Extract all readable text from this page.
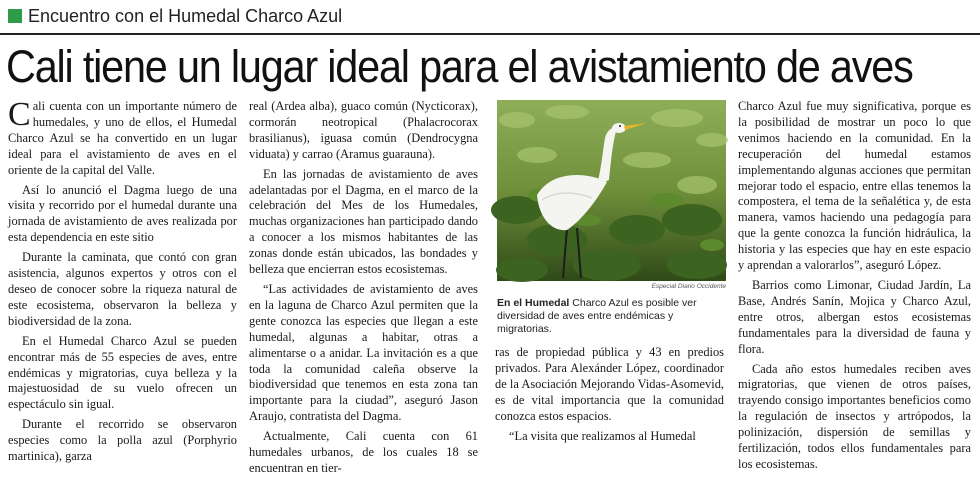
Encuentro con el Humedal Charco Azul
Cali tiene un lugar ideal para el avistamiento de aves

Cali cuenta con un importante número de humedales, y uno de ellos, el Humedal Charco Azul se ha convertido en un lugar ideal para el avistamiento de aves en el oriente de la capital del Valle.

Así lo anunció el Dagma luego de una visita y recorrido por el humedal durante una jornada de avistamiento de aves realizada por esta dependencia en este sitio

Durante la caminata, que contó con gran asistencia, algunos expertos y otros con el deseo de conocer sobre la riqueza natural de este ecosistema, observaron la belleza y biodiversidad de la zona.

En el Humedal Charco Azul se pueden encontrar más de 55 especies de aves, entre endémicas y migratorias, cuya belleza y la majestuosidad de su vuelo ofrecen un espectáculo sin igual.

Durante el recorrido se observaron especies como la polla azul (Porphyrio martinica), garza

real (Ardea alba), guaco común (Nycticorax), cormorán neotropical (Phalacrocorax brasilianus), iguasa común (Dendrocygna viduata) y carrao (Aramus guarauna).

En las jornadas de avistamiento de aves adelantadas por el Dagma, en el marco de la celebración del Mes de los Humedales, muchas organizaciones han participado dando a conocer a los mismos habitantes de las zonas donde están ubicados, las bondades y belleza que encierran estos ecosistemas.

“Las actividades de avistamiento de aves en la laguna de Charco Azul permiten que la gente conozca las especies que llegan a este humedal, algunas a habitar, otras a alimentarse o a anidar. La invitación es a que toda la comunidad caleña observe la biodiversidad que tenemos en esta zona tan importante para la ciudad”, aseguró Jason Araujo, contratista del Dagma.

Actualmente, Cali cuenta con 61 humedales urbanos, de los cuales 18 se encuentran en tier-

Especial Diario Occidente
En el Humedal Charco Azul es posible ver diversidad de aves entre endémicas y migratorias.

ras de propiedad pública y 43 en predios privados. Para Alexánder López, coordinador de la Asociación Mejorando Vidas-Asomevid, es de vital importancia que la comunidad conozca estos espacios.

“La visita que realizamos al Humedal

Charco Azul fue muy significativa, porque es la posibilidad de mostrar un poco lo que venimos haciendo en la comunidad. En la recuperación del humedal estamos implementando algunas acciones que permitan mejorar todo el espacio, entre ellas tenemos la compostera, el tema de la señalética y, de esta manera, vamos haciendo una pedagogía para que la gente conozca la función hidráulica, la historia y las especies que hay en este espacio y aprendan a valorarlos”, aseguró López.

Barrios como Limonar, Ciudad Jardín, La Base, Andrés Sanín, Mojica y Charco Azul, entre otros, albergan estos ecosistemas fundamentales para la diversidad de fauna y flora.

Cada año estos humedales reciben aves migratorias, que vienen de otros países, trayendo consigo importantes beneficios como la regulación de insectos y artrópodos, la polinización, dispersión de semillas y fertilización, todos ellos fundamentales para los ecosistemas.
